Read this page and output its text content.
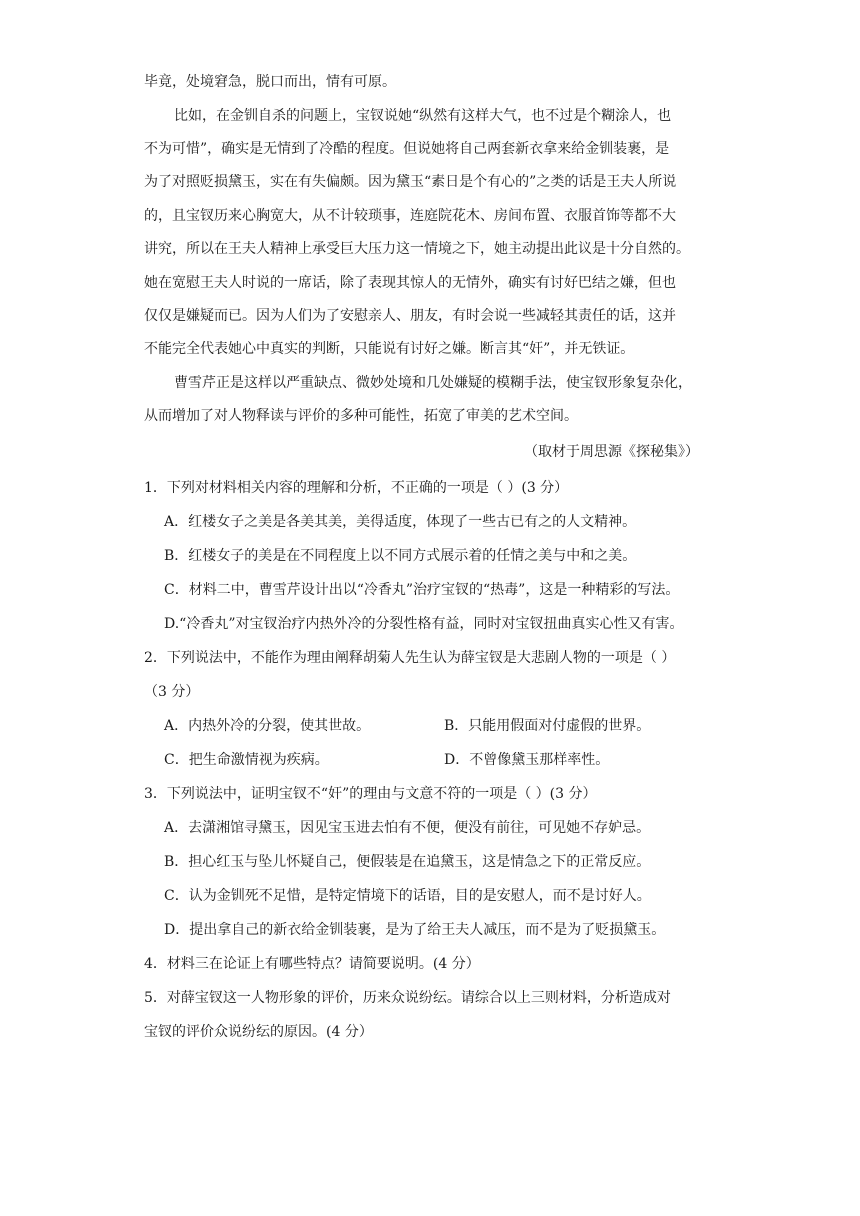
毕竟，处境窘急，脱口而出，情有可原。
比如，在金钏自杀的问题上，宝钗说她“纵然有这样大气，也不过是个糊涂人，也
不为可惜”，确实是无情到了冷酷的程度。但说她将自己两套新衣拿来给金钏装裹，是
为了对照贬损黛玉，实在有失偏颇。因为黛玉“素日是个有心的”之类的话是王夫人所说
的，且宝钗历来心胸宽大，从不计较琐事，连庭院花木、房间布置、衣服首饰等都不大
讲究，所以在王夫人精神上承受巨大压力这一情境之下，她主动提出此议是十分自然的。
她在宽慰王夫人时说的一席话，除了表现其惊人的无情外，确实有讨好巴结之嫌，但也
仅仅是嫌疑而已。因为人们为了安慰亲人、朋友，有时会说一些减轻其责任的话，这并
不能完全代表她心中真实的判断，只能说有讨好之嫌。断言其“奸”，并无铁证。
曹雪芹正是这样以严重缺点、微妙处境和几处嫌疑的模糊手法，使宝钗形象复杂化，
从而增加了对人物释读与评价的多种可能性，拓宽了审美的艺术空间。
（取材于周思源《探秘集》）
1．下列对材料相关内容的理解和分析，不正确的一项是（ ）(3 分）
A．红楼女子之美是各美其美，美得适度，体现了一些古已有之的人文精神。
B．红楼女子的美是在不同程度上以不同方式展示着的任情之美与中和之美。
C．材料二中，曹雪芹设计出以“冷香丸”治疗宝钗的“热毒”，这是一种精彩的写法。
D.“冷香丸”对宝钗治疗内热外冷的分裂性格有益，同时对宝钗扭曲真实心性又有害。
2．下列说法中，不能作为理由阐释胡菊人先生认为薛宝钗是大悲剧人物的一项是（ ）
（3 分）
A．内热外冷的分裂，使其世故。	B．只能用假面对付虚假的世界。
C．把生命激情视为疾病。	D．不曾像黛玉那样率性。
3．下列说法中，证明宝钗不“奸”的理由与文意不符的一项是（ ）(3 分）
A．去潇湘馆寻黛玉，因见宝玉进去怕有不便，便没有前往，可见她不存妒忌。
B．担心红玉与坠儿怀疑自己，便假装是在追黛玉，这是情急之下的正常反应。
C．认为金钏死不足惜，是特定情境下的话语，目的是安慰人，而不是讨好人。
D．提出拿自己的新衣给金钏装裹，是为了给王夫人减压，而不是为了贬损黛玉。
4．材料三在论证上有哪些特点？请简要说明。(4 分）
5．对薛宝钗这一人物形象的评价，历来众说纷纭。请综合以上三则材料，分析造成对
宝钗的评价众说纷纭的原因。(4 分）
